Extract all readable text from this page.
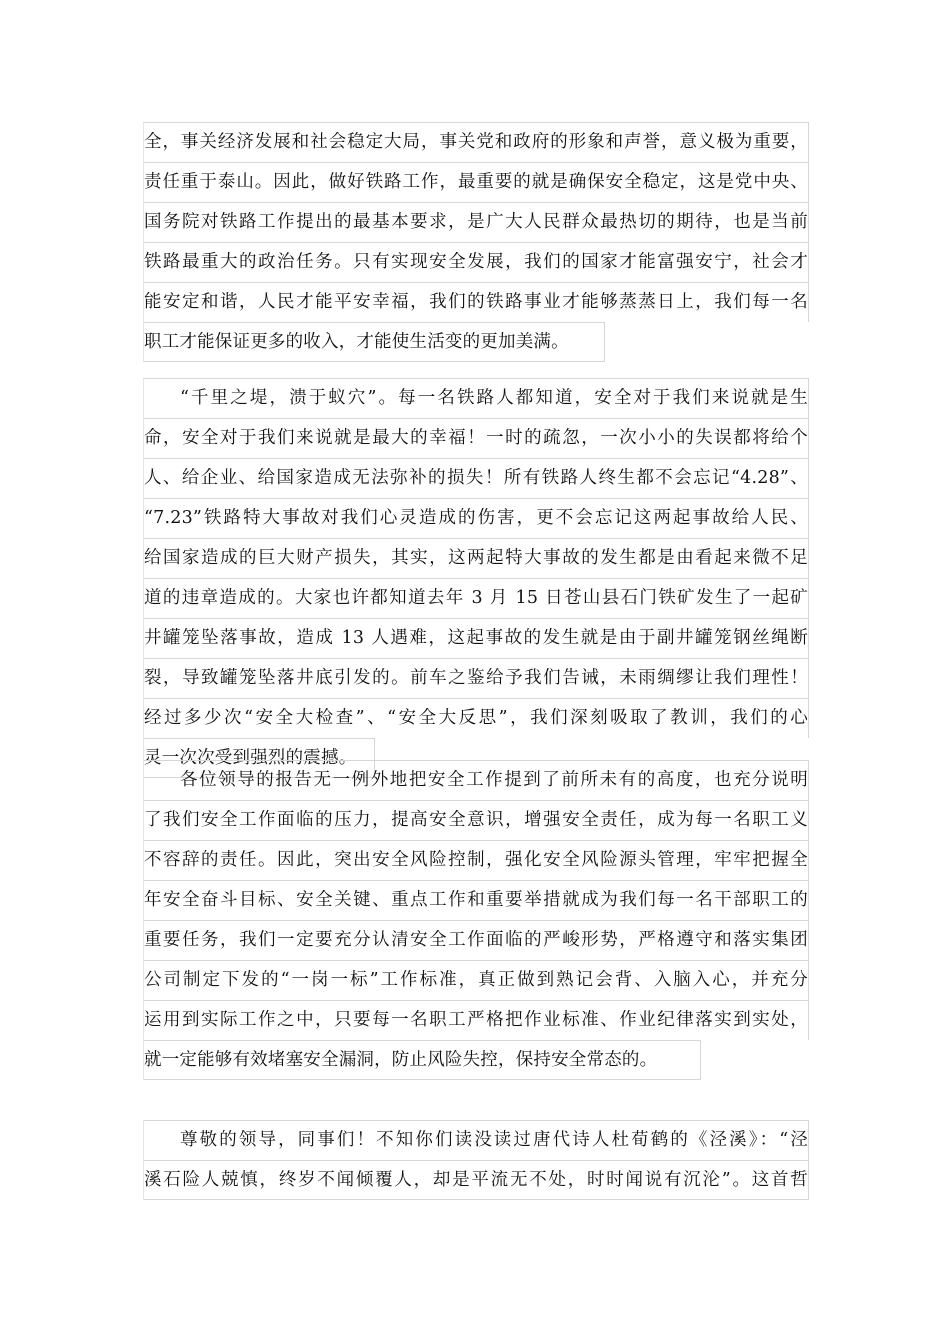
全，事关经济发展和社会稳定大局，事关党和政府的形象和声誉，意义极为重要，
责任重于泰山。因此，做好铁路工作，最重要的就是确保安全稳定，这是党中央、
国务院对铁路工作提出的最基本要求，是广大人民群众最热切的期待，也是当前
铁路最重大的政治任务。只有实现安全发展，我们的国家才能富强安宁，社会才
能安定和谐，人民才能平安幸福，我们的铁路事业才能够蒸蒸日上，我们每一名
职工才能保证更多的收入，才能使生活变的更加美满。
“千里之堤，溃于蚁穴”。每一名铁路人都知道，安全对于我们来说就是生
命，安全对于我们来说就是最大的幸福！一时的疏忽，一次小小的失误都将给个
人、给企业、给国家造成无法弥补的损失！所有铁路人终生都不会忘记“4.28”、
“7.23”铁路特大事故对我们心灵造成的伤害，更不会忘记这两起事故给人民、
给国家造成的巨大财产损失，其实，这两起特大事故的发生都是由看起来微不足
道的违章造成的。大家也许都知道去年 3 月 15 日苍山县石门铁矿发生了一起矿
井罐笼坠落事故，造成 13 人遇难，这起事故的发生就是由于副井罐笼钢丝绳断
裂，导致罐笼坠落井底引发的。前车之鉴给予我们告诫，未雨绸缪让我们理性！
经过多少次“安全大检查”、“安全大反思”，我们深刻吸取了教训，我们的心
灵一次次受到强烈的震撼。
各位领导的报告无一例外地把安全工作提到了前所未有的高度，也充分说明
了我们安全工作面临的压力，提高安全意识，增强安全责任，成为每一名职工义
不容辞的责任。因此，突出安全风险控制，强化安全风险源头管理，牢牢把握全
年安全奋斗目标、安全关键、重点工作和重要举措就成为我们每一名干部职工的
重要任务，我们一定要充分认清安全工作面临的严峻形势，严格遵守和落实集团
公司制定下发的“一岗一标”工作标准，真正做到熟记会背、入脑入心，并充分
运用到实际工作之中，只要每一名职工严格把作业标准、作业纪律落实到实处，
就一定能够有效堵塞安全漏洞，防止风险失控，保持安全常态的。
尊敬的领导，同事们！不知你们读没读过唐代诗人杜荀鹤的《泾溪》：“泾
溪石险人兢慎，终岁不闻倾覆人，却是平流无不处，时时闻说有沉沦”。这首哲
